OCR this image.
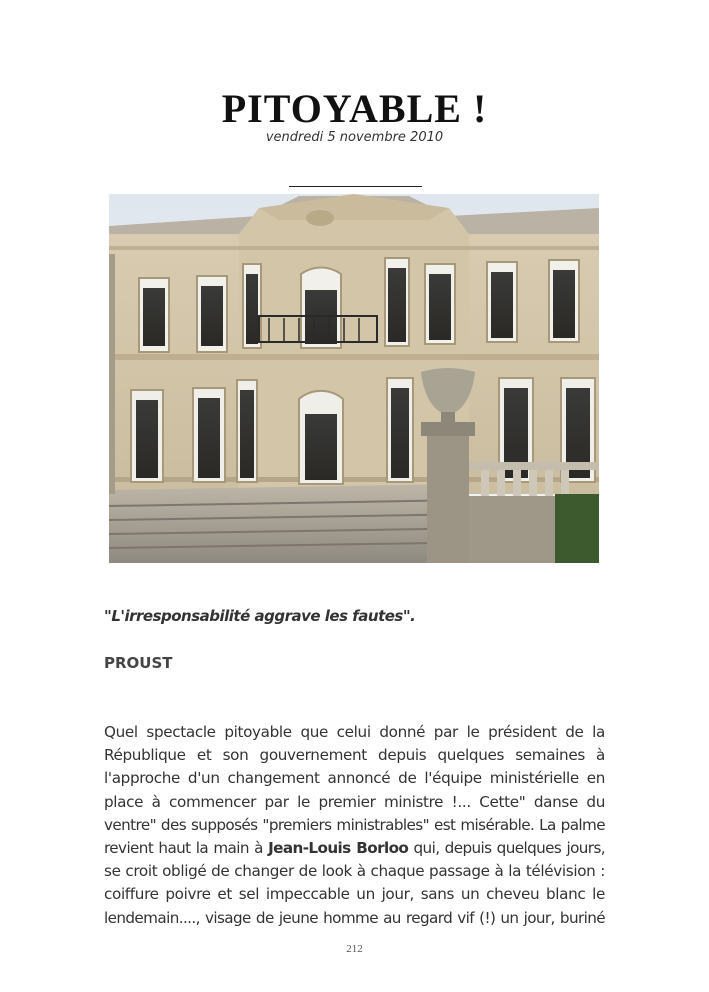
PITOYABLE !
vendredi 5 novembre 2010
"L'irresponsabilité aggrave les fautes".
PROUST
Quel spectacle pitoyable que celui donné par le président de la
République et son gouvernement depuis quelques semaines à
l'approche d'un changement annoncé de l'équipe ministérielle en
place à commencer par le premier ministre !... Cette" danse du
ventre" des supposés "premiers ministrables" est misérable. La palme
revient haut la main à Jean-Louis Borloo qui, depuis quelques jours,
se croit obligé de changer de look à chaque passage à la télévision :
coiffure poivre et sel impeccable un jour, sans un cheveu blanc le
lendemain...., visage de jeune homme au regard vif (!) un jour, buriné
212
